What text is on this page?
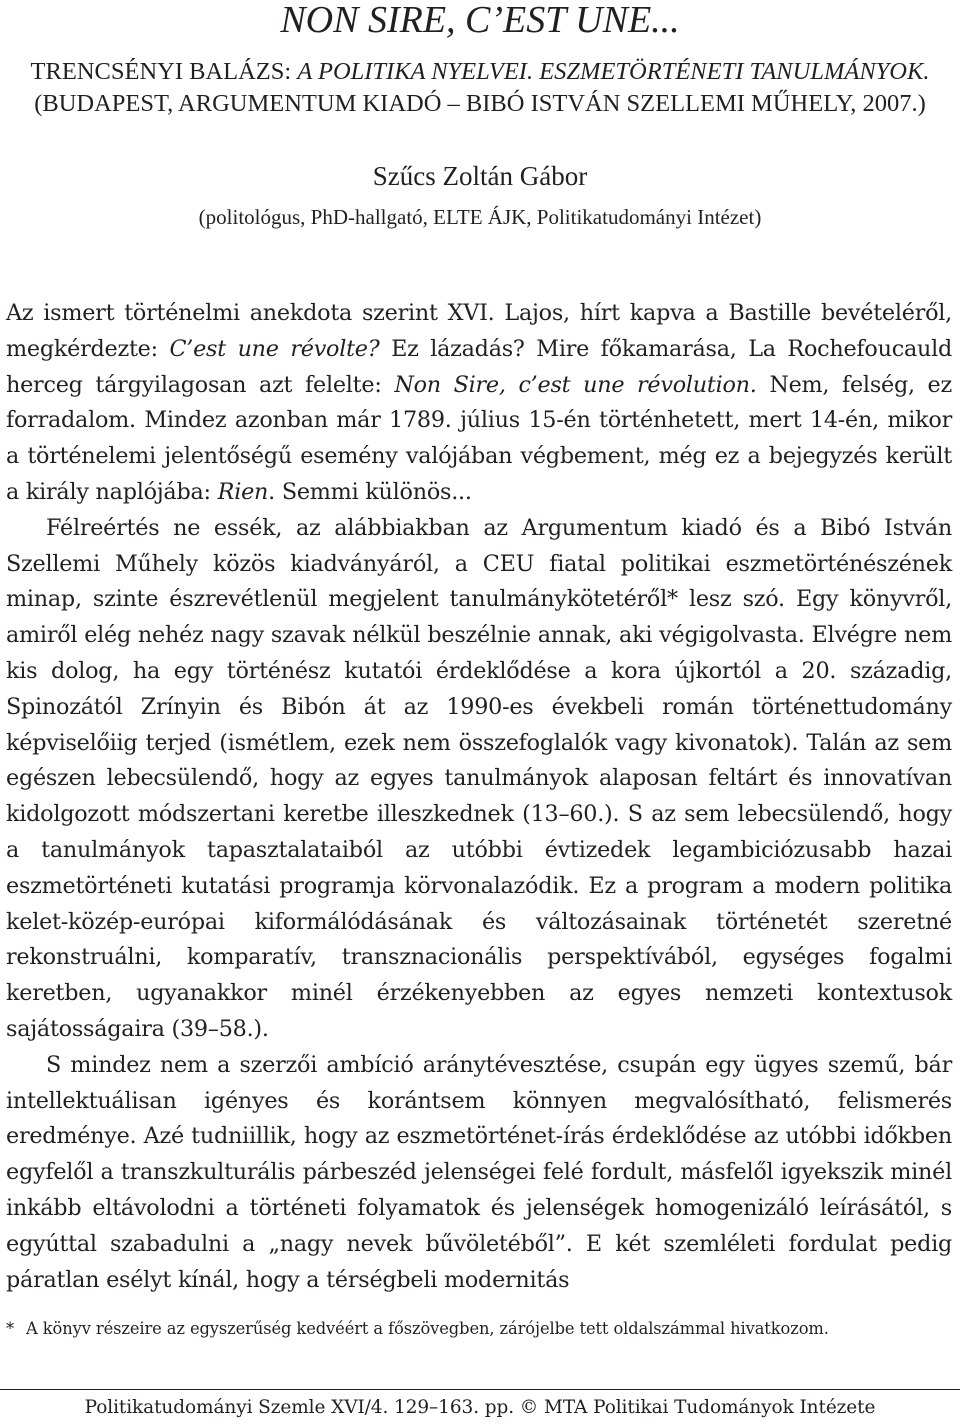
NON SIRE, C’EST UNE...
TRENCSÉNYI BALÁZS: A POLITIKA NYELVEI. ESZMETÖRTÉNETI TANULMÁNYOK.
(BUDAPEST, ARGUMENTUM KIADÓ – BIBÓ ISTVÁN SZELLEMI MŰHELY, 2007.)
Szűcs Zoltán Gábor
(politológus, PhD-hallgató, ELTE ÁJK, Politikatudományi Intézet)

Az ismert történelmi anekdota szerint XVI. Lajos, hírt kapva a Bastille bevételéről, megkérdezte: C’est une révolte? Ez lázadás? Mire főkamarása, La Rochefoucauld herceg tárgyilagosan azt felelte: Non Sire, c’est une révolution. Nem, felség, ez forradalom. Mindez azonban már 1789. július 15-én történhetett, mert 14-én, mikor a történelemi jelentőségű esemény valójában végbement, még ez a bejegyzés került a király naplójába: Rien. Semmi különös...

Félreértés ne essék, az alábbiakban az Argumentum kiadó és a Bibó István Szellemi Műhely közös kiadványáról, a CEU fiatal politikai eszmetörténészének minap, szinte észrevétlenül megjelent tanulmánykötetéről* lesz szó. Egy könyvről, amiről elég nehéz nagy szavak nélkül beszélnie annak, aki végigolvasta. Elvégre nem kis dolog, ha egy történész kutatói érdeklődése a kora újkortól a 20. századig, Spinozától Zrínyin és Bibón át az 1990-es évekbeli román történettudomány képviselőiig terjed (ismétlem, ezek nem összefoglalók vagy kivonatok). Talán az sem egészen lebecsülendő, hogy az egyes tanulmányok alaposan feltárt és innovatívan kidolgozott módszertani keretbe illeszkednek (13–60.). S az sem lebecsülendő, hogy a tanulmányok tapasztalataiból az utóbbi évtizedek legambiciózusabb hazai eszmetörténeti kutatási programja körvonalazódik. Ez a program a modern politika kelet-közép-európai kiformálódásának és változásainak történetét szeretné rekonstruálni, komparatív, transznacionális perspektívából, egységes fogalmi keretben, ugyanakkor minél érzékenyebben az egyes nemzeti kontextusok sajátosságaira (39–58.).

S mindez nem a szerzői ambíció aránytévesztése, csupán egy ügyes szemű, bár intellektuálisan igényes és korántsem könnyen megvalósítható, felismerés eredménye. Azé tudniillik, hogy az eszmetörténet-írás érdeklődése az utóbbi időkben egyfelől a transzkulturális párbeszéd jelenségei felé fordult, másfelől igyekszik minél inkább eltávolodni a történeti folyamatok és jelenségek homogenizáló leírásától, s egyúttal szabadulni a „nagy nevek bűvöletéből”. E két szemléleti fordulat pedig páratlan esélyt kínál, hogy a térségbeli modernitás

* A könyv részeire az egyszerűség kedvéért a főszövegben, zárójelbe tett oldalszámmal hivatkozom.
Politikatudományi Szemle XVI/4. 129–163. pp. © MTA Politikai Tudományok Intézete
